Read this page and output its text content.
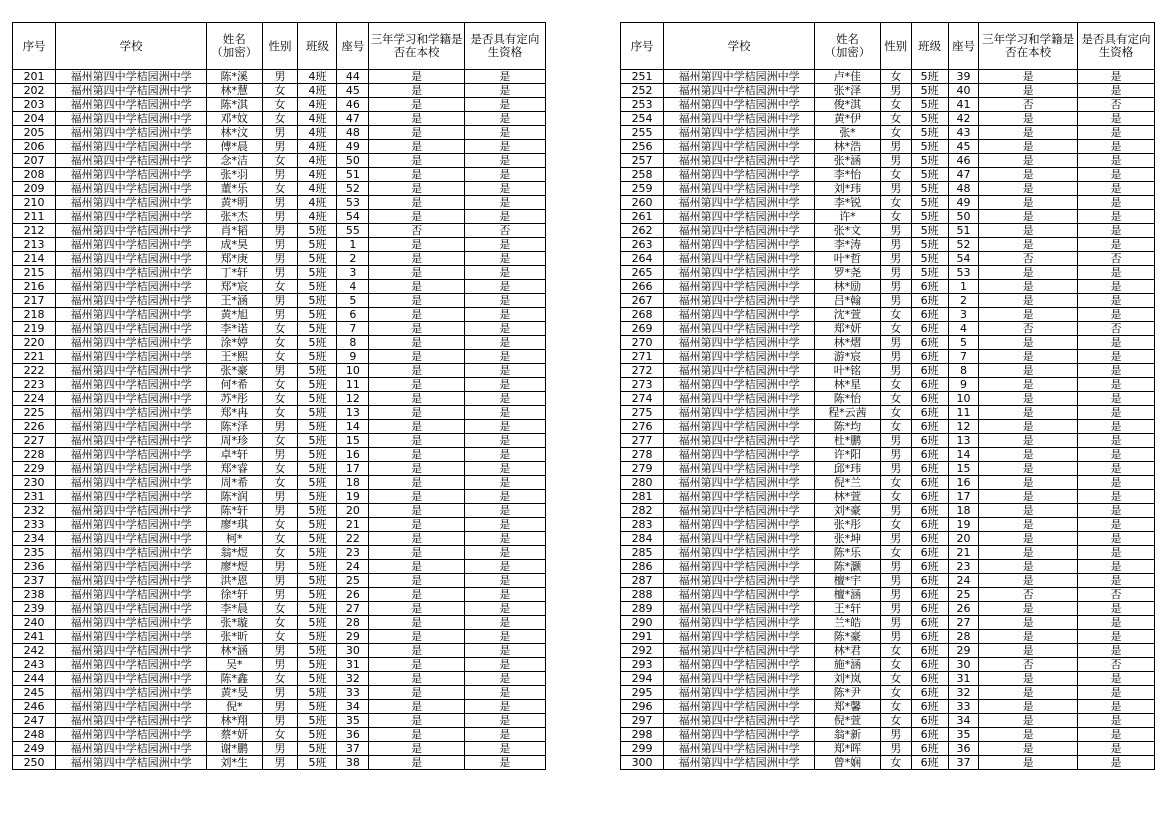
序号	学校	姓名
（加密）	性别	班级	座号	三年学习和学籍是否在本校	是否具有定向生资格

201	福州第四中学桔园洲中学	陈*溪	男	4班	44	是	是
202	福州第四中学桔园洲中学	林*慧	女	4班	45	是	是
203	福州第四中学桔园洲中学	陈*淇	女	4班	46	是	是
204	福州第四中学桔园洲中学	邓*妏	女	4班	47	是	是
205	福州第四中学桔园洲中学	林*汶	男	4班	48	是	是
206	福州第四中学桔园洲中学	傅*晨	男	4班	49	是	是
207	福州第四中学桔园洲中学	念*洁	女	4班	50	是	是
208	福州第四中学桔园洲中学	张*羽	男	4班	51	是	是
209	福州第四中学桔园洲中学	董*乐	女	4班	52	是	是
210	福州第四中学桔园洲中学	黄*明	男	4班	53	是	是
211	福州第四中学桔园洲中学	张*杰	男	4班	54	是	是
212	福州第四中学桔园洲中学	肖*韬	男	5班	55	否	否
213	福州第四中学桔园洲中学	成*昊	男	5班	1	是	是
214	福州第四中学桔园洲中学	郑*庚	男	5班	2	是	是
215	福州第四中学桔园洲中学	丁*轩	男	5班	3	是	是
216	福州第四中学桔园洲中学	郑*宸	女	5班	4	是	是
217	福州第四中学桔园洲中学	王*涵	男	5班	5	是	是
218	福州第四中学桔园洲中学	黄*旭	男	5班	6	是	是
219	福州第四中学桔园洲中学	李*诺	女	5班	7	是	是
220	福州第四中学桔园洲中学	涂*婷	女	5班	8	是	是
221	福州第四中学桔园洲中学	王*熙	女	5班	9	是	是
222	福州第四中学桔园洲中学	张*豪	男	5班	10	是	是
223	福州第四中学桔园洲中学	何*希	女	5班	11	是	是
224	福州第四中学桔园洲中学	苏*彤	女	5班	12	是	是
225	福州第四中学桔园洲中学	郑*冉	女	5班	13	是	是
226	福州第四中学桔园洲中学	陈*泽	男	5班	14	是	是
227	福州第四中学桔园洲中学	周*珍	女	5班	15	是	是
228	福州第四中学桔园洲中学	卓*轩	男	5班	16	是	是
229	福州第四中学桔园洲中学	郑*睿	女	5班	17	是	是
230	福州第四中学桔园洲中学	周*希	女	5班	18	是	是
231	福州第四中学桔园洲中学	陈*润	男	5班	19	是	是
232	福州第四中学桔园洲中学	陈*轩	男	5班	20	是	是
233	福州第四中学桔园洲中学	廖*琪	女	5班	21	是	是
234	福州第四中学桔园洲中学	柯*	女	5班	22	是	是
235	福州第四中学桔园洲中学	翁*煜	女	5班	23	是	是
236	福州第四中学桔园洲中学	廖*煜	男	5班	24	是	是
237	福州第四中学桔园洲中学	洪*恩	男	5班	25	是	是
238	福州第四中学桔园洲中学	徐*轩	男	5班	26	是	是
239	福州第四中学桔园洲中学	李*晨	女	5班	27	是	是
240	福州第四中学桔园洲中学	张*璇	女	5班	28	是	是
241	福州第四中学桔园洲中学	张*昕	女	5班	29	是	是
242	福州第四中学桔园洲中学	林*涵	男	5班	30	是	是
243	福州第四中学桔园洲中学	吴*	男	5班	31	是	是
244	福州第四中学桔园洲中学	陈*鑫	女	5班	32	是	是
245	福州第四中学桔园洲中学	黄*旻	男	5班	33	是	是
246	福州第四中学桔园洲中学	倪*	男	5班	34	是	是
247	福州第四中学桔园洲中学	林*翔	男	5班	35	是	是
248	福州第四中学桔园洲中学	蔡*妍	女	5班	36	是	是
249	福州第四中学桔园洲中学	谢*鹏	男	5班	37	是	是
250	福州第四中学桔园洲中学	刘*生	男	5班	38	是	是
序号	学校	姓名
（加密）	性别	班级	座号	三年学习和学籍是否在本校	是否具有定向生资格

251	福州第四中学桔园洲中学	卢*佳	女	5班	39	是	是
252	福州第四中学桔园洲中学	张*泽	男	5班	40	是	是
253	福州第四中学桔园洲中学	俊*淇	女	5班	41	否	否
254	福州第四中学桔园洲中学	黄*伊	女	5班	42	是	是
255	福州第四中学桔园洲中学	张*	女	5班	43	是	是
256	福州第四中学桔园洲中学	林*浩	男	5班	45	是	是
257	福州第四中学桔园洲中学	张*涵	男	5班	46	是	是
258	福州第四中学桔园洲中学	李*怡	女	5班	47	是	是
259	福州第四中学桔园洲中学	刘*玮	男	5班	48	是	是
260	福州第四中学桔园洲中学	李*锐	女	5班	49	是	是
261	福州第四中学桔园洲中学	许*	女	5班	50	是	是
262	福州第四中学桔园洲中学	张*文	男	5班	51	是	是
263	福州第四中学桔园洲中学	李*涛	男	5班	52	是	是
264	福州第四中学桔园洲中学	叶*哲	男	5班	54	否	否
265	福州第四中学桔园洲中学	罗*尧	男	5班	53	是	是
266	福州第四中学桔园洲中学	林*励	男	6班	1	是	是
267	福州第四中学桔园洲中学	吕*翰	男	6班	2	是	是
268	福州第四中学桔园洲中学	沈*萱	女	6班	3	是	是
269	福州第四中学桔园洲中学	郑*妍	女	6班	4	否	否
270	福州第四中学桔园洲中学	林*熠	男	6班	5	是	是
271	福州第四中学桔园洲中学	游*宸	男	6班	7	是	是
272	福州第四中学桔园洲中学	叶*铭	男	6班	8	是	是
273	福州第四中学桔园洲中学	林*星	女	6班	9	是	是
274	福州第四中学桔园洲中学	陈*怡	女	6班	10	是	是
275	福州第四中学桔园洲中学	程*云茜	女	6班	11	是	是
276	福州第四中学桔园洲中学	陈*均	女	6班	12	是	是
277	福州第四中学桔园洲中学	杜*鹏	男	6班	13	是	是
278	福州第四中学桔园洲中学	许*阳	男	6班	14	是	是
279	福州第四中学桔园洲中学	邱*玮	男	6班	15	是	是
280	福州第四中学桔园洲中学	倪*兰	女	6班	16	是	是
281	福州第四中学桔园洲中学	林*萱	女	6班	17	是	是
282	福州第四中学桔园洲中学	刘*豪	男	6班	18	是	是
283	福州第四中学桔园洲中学	张*彤	女	6班	19	是	是
284	福州第四中学桔园洲中学	张*坤	男	6班	20	是	是
285	福州第四中学桔园洲中学	陈*乐	女	6班	21	是	是
286	福州第四中学桔园洲中学	陈*灏	男	6班	23	是	是
287	福州第四中学桔园洲中学	檀*宇	男	6班	24	是	是
288	福州第四中学桔园洲中学	檀*涵	男	6班	25	否	否
289	福州第四中学桔园洲中学	王*轩	男	6班	26	是	是
290	福州第四中学桔园洲中学	兰*皓	男	6班	27	是	是
291	福州第四中学桔园洲中学	陈*豪	男	6班	28	是	是
292	福州第四中学桔园洲中学	林*君	女	6班	29	是	是
293	福州第四中学桔园洲中学	施*涵	女	6班	30	否	否
294	福州第四中学桔园洲中学	刘*岚	女	6班	31	是	是
295	福州第四中学桔园洲中学	陈*尹	女	6班	32	是	是
296	福州第四中学桔园洲中学	郑*馨	女	6班	33	是	是
297	福州第四中学桔园洲中学	倪*萱	女	6班	34	是	是
298	福州第四中学桔园洲中学	翁*新	男	6班	35	是	是
299	福州第四中学桔园洲中学	郑*晖	男	6班	36	是	是
300	福州第四中学桔园洲中学	曾*娴	女	6班	37	是	是
